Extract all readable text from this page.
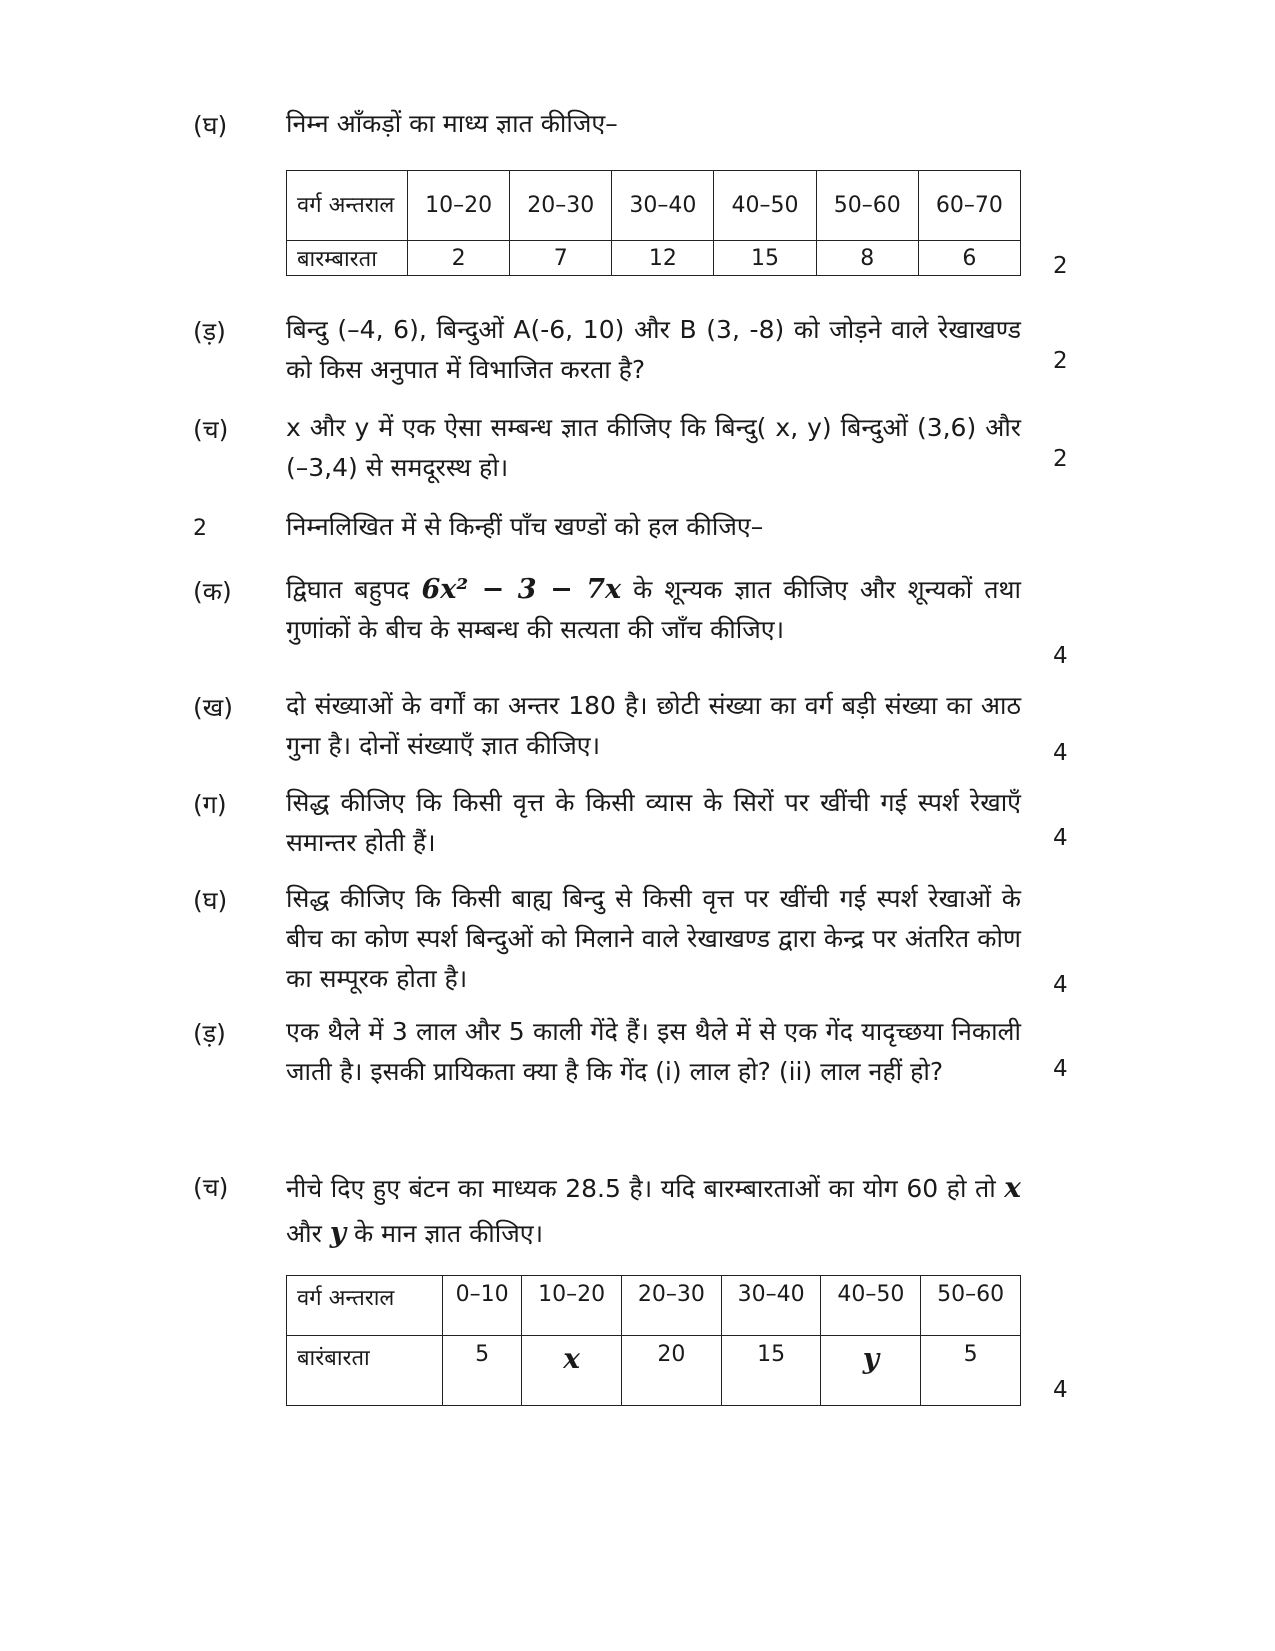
(घ) निम्न आँकड़ों का माध्य ज्ञात कीजिए–
2
वर्ग अन्तराल	10–20	20–30	30–40	40–50	50–60	60–70
बारम्बारता	2	7	12	15	8	6
(ड़) बिन्दु (–4, 6), बिन्दुओं A(-6, 10) और B (3, -8) को जोड़ने वाले रेखाखण्ड को किस अनुपात में विभाजित करता है?	2
(च) x और y में एक ऐसा सम्बन्ध ज्ञात कीजिए कि बिन्दु( x, y) बिन्दुओं (3,6) और (–3,4) से समदूरस्थ हो।	2
2	निम्नलिखित में से किन्हीं पाँच खण्डों को हल कीजिए–
(क) द्विघात बहुपद 6x² − 3 − 7x के शून्यक ज्ञात कीजिए और शून्यकों तथा गुणांकों के बीच के सम्बन्ध की सत्यता की जाँच कीजिए।
4
(ख) दो संख्याओं के वर्गों का अन्तर 180 है। छोटी संख्या का वर्ग बड़ी संख्या का आठ गुना है। दोनों संख्याएँ ज्ञात कीजिए।	4
(ग) सिद्ध कीजिए कि किसी वृत्त के किसी व्यास के सिरों पर खींची गई स्पर्श रेखाएँ समान्तर होती हैं।	4
(घ) सिद्ध कीजिए कि किसी बाह्य बिन्दु से किसी वृत्त पर खींची गई स्पर्श रेखाओं के बीच का कोण स्पर्श बिन्दुओं को मिलाने वाले रेखाखण्ड द्वारा केन्द्र पर अंतरित कोण का सम्पूरक होता है।	4
(ड़) एक थैले में 3 लाल और 5 काली गेंदे हैं। इस थैले में से एक गेंद यादृच्छया निकाली जाती है। इसकी प्रायिकता क्या है कि गेंद (i) लाल हो? (ii) लाल नहीं हो?	4
(च) नीचे दिए हुए बंटन का माध्यक 28.5 है। यदि बारम्बारताओं का योग 60 हो तो x और y के मान ज्ञात कीजिए।
4
वर्ग अन्तराल	0–10	10–20	20–30	30–40	40–50	50–60
बारंबारता	5	x	20	15	y	5
